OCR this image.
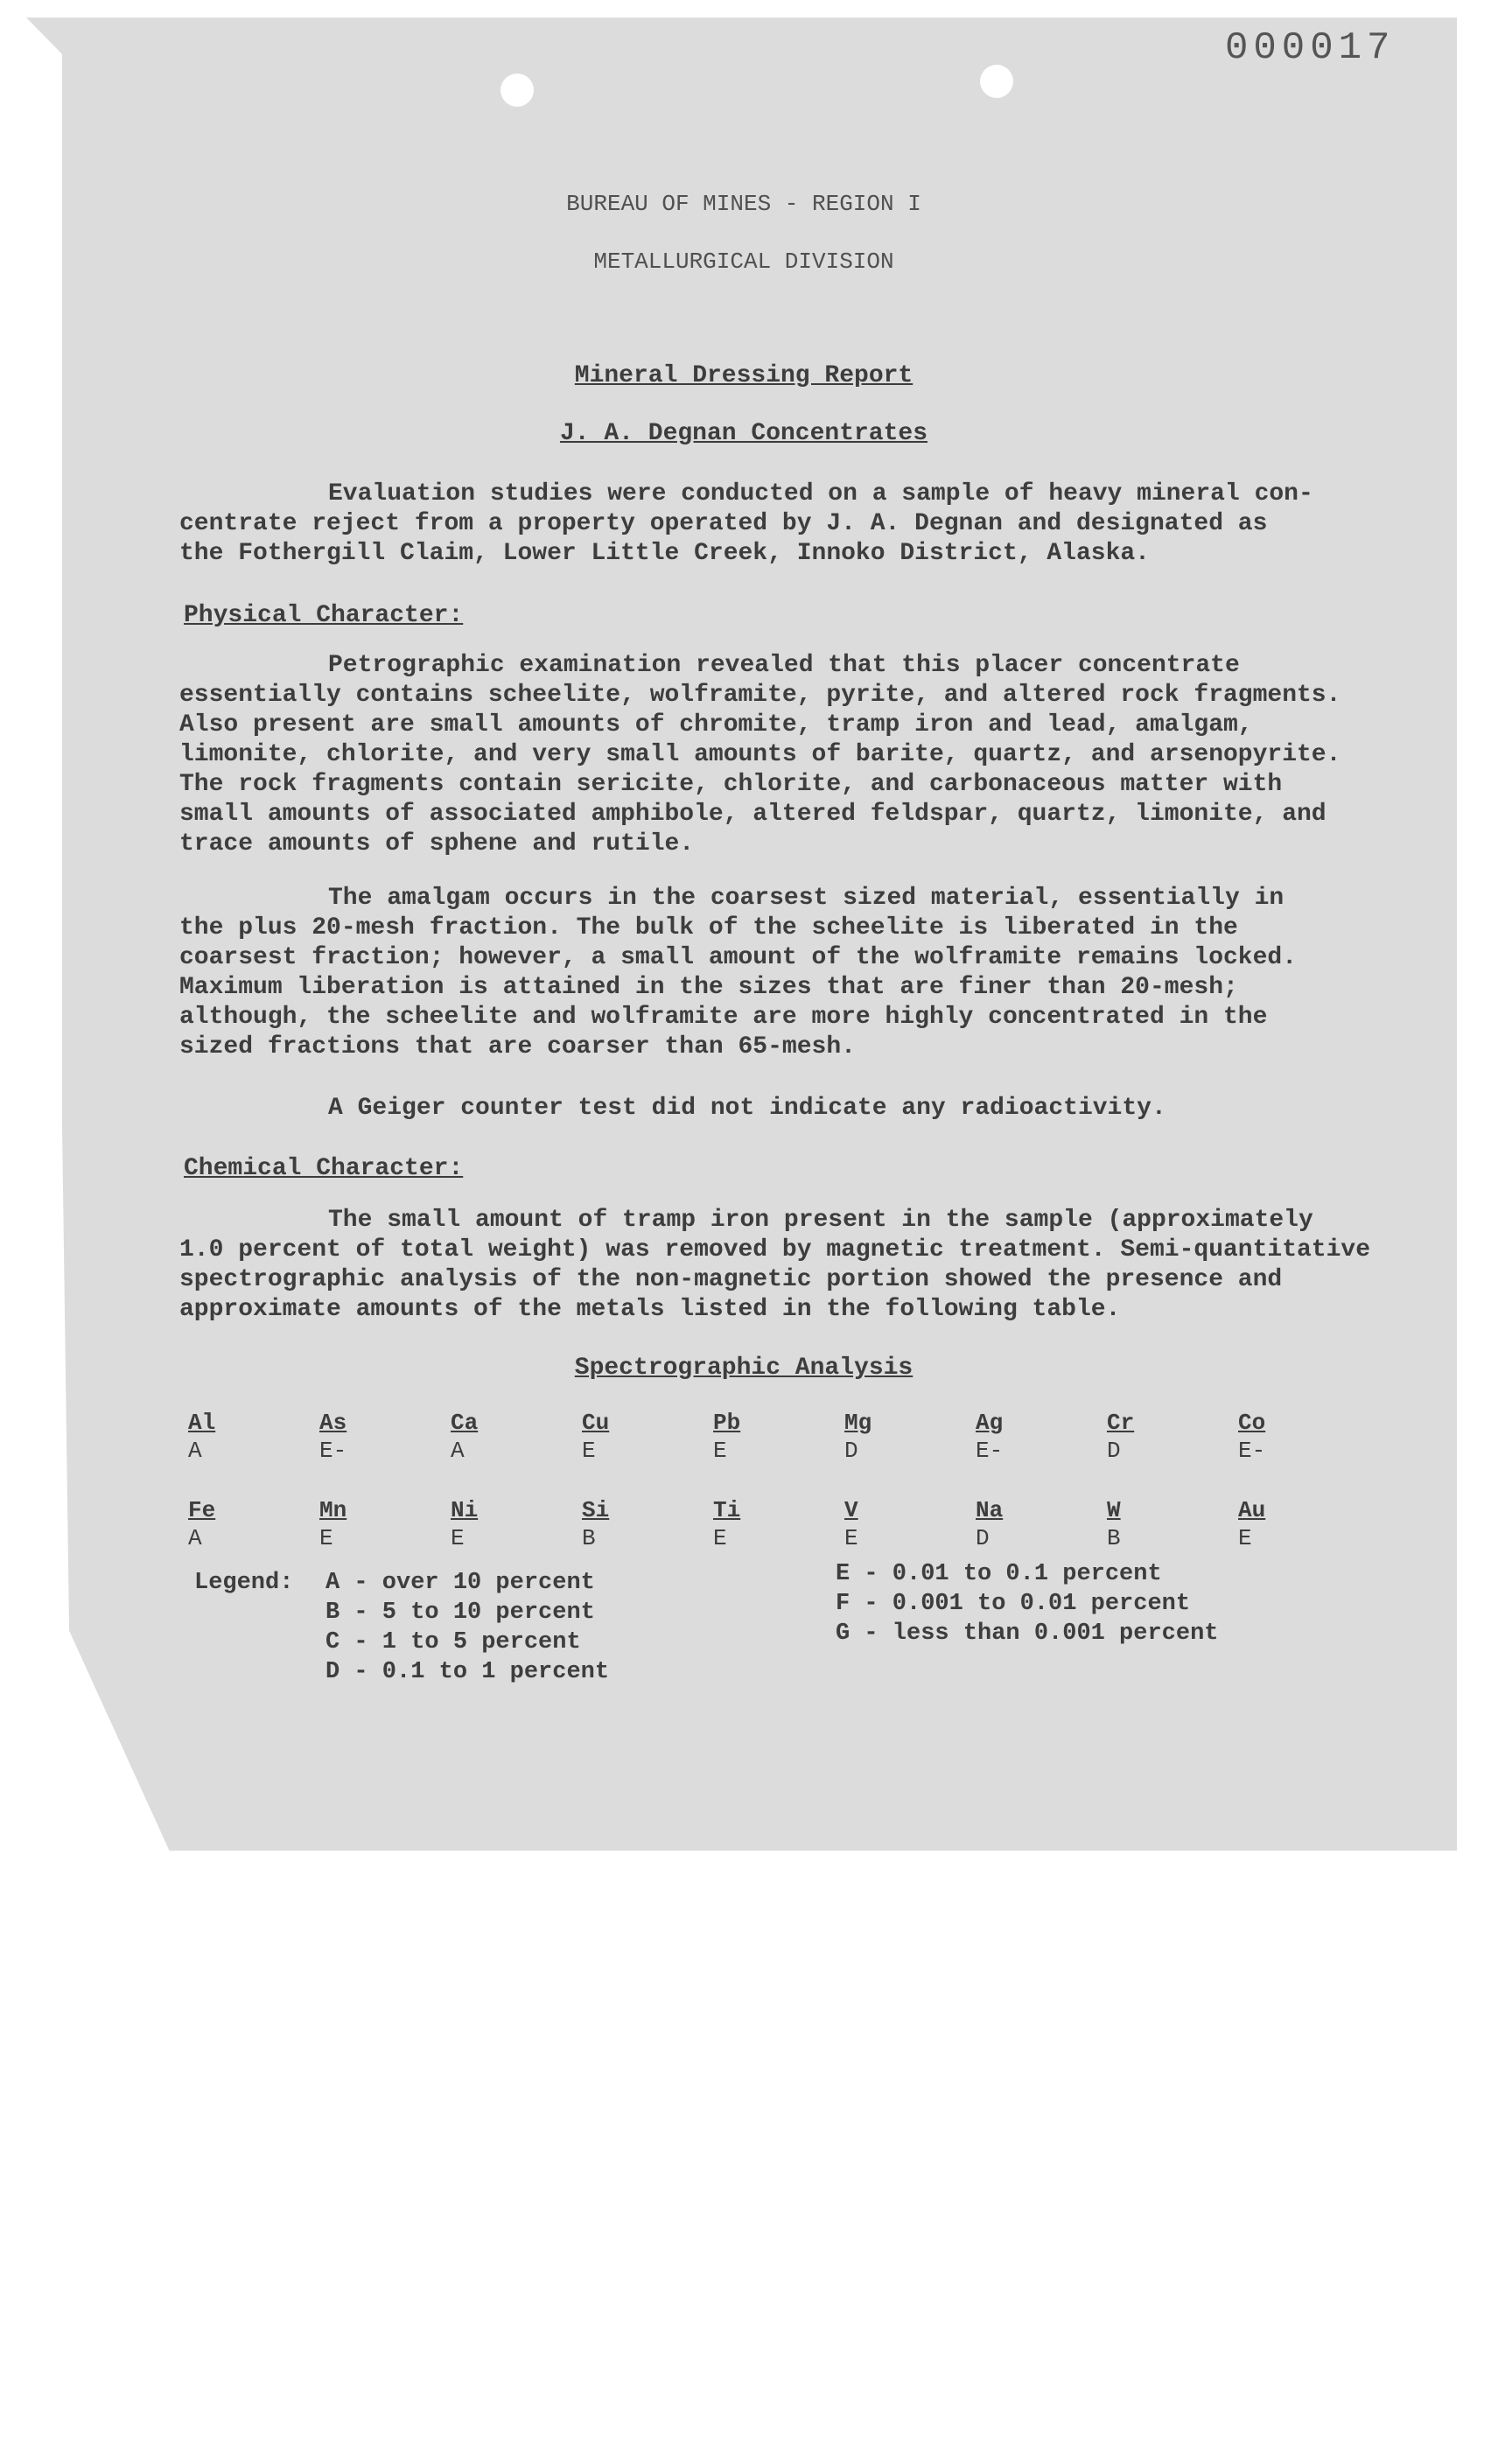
000017
BUREAU OF MINES - REGION I
METALLURGICAL DIVISION
Mineral Dressing Report
J. A. Degnan Concentrates
Evaluation studies were conducted on a sample of heavy mineral con-
centrate reject from a property operated by J. A. Degnan and designated as
the Fothergill Claim, Lower Little Creek, Innoko District, Alaska.
Physical Character:
Petrographic examination revealed that this placer concentrate
essentially contains scheelite, wolframite, pyrite, and altered rock fragments.
Also present are small amounts of chromite, tramp iron and lead, amalgam,
limonite, chlorite, and very small amounts of barite, quartz, and arsenopyrite.
The rock fragments contain sericite, chlorite, and carbonaceous matter with
small amounts of associated amphibole, altered feldspar, quartz, limonite, and
trace amounts of sphene and rutile.
The amalgam occurs in the coarsest sized material, essentially in
the plus 20-mesh fraction. The bulk of the scheelite is liberated in the
coarsest fraction; however, a small amount of the wolframite remains locked.
Maximum liberation is attained in the sizes that are finer than 20-mesh;
although, the scheelite and wolframite are more highly concentrated in the
sized fractions that are coarser than 65-mesh.
A Geiger counter test did not indicate any radioactivity.
Chemical Character:
The small amount of tramp iron present in the sample (approximately
1.0 percent of total weight) was removed by magnetic treatment. Semi-quantitative
spectrographic analysis of the non-magnetic portion showed the presence and
approximate amounts of the metals listed in the following table.
Spectrographic Analysis
Al
A
As
E-
Ca
A
Cu
E
Pb
E
Mg
D
Ag
E-
Cr
D
Co
E-
Fe
A
Mn
E
Ni
E
Si
B
Ti
E
V
E
Na
D
W
B
Au
E
Legend: A - over 10 percent
B - 5 to 10 percent
C - 1 to 5 percent
D - 0.1 to 1 percent
E - 0.01 to 0.1 percent
F - 0.001 to 0.01 percent
G - less than 0.001 percent
